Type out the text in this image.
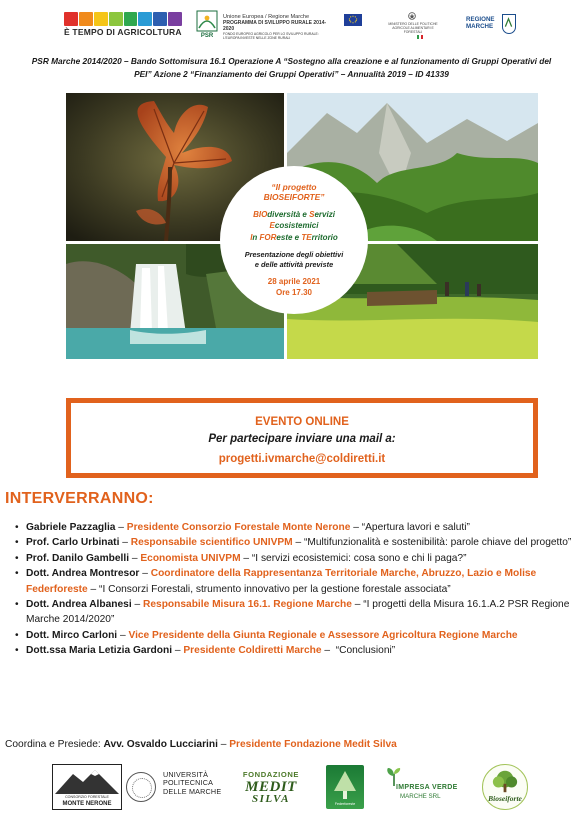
È TEMPO DI AGRICOLTURA	PSR
Unione Europea / Regione Marche
PROGRAMMA DI SVILUPPO RURALE 2014-2020
FONDO EUROPEO AGRICOLO PER LO SVILUPPO RURALE: L'EUROPA INVESTE NELLE ZONE RURALI
MINISTERO DELLE POLITICHE AGRICOLE ALIMENTARI E FORESTALI
REGIONE MARCHE
PSR Marche 2014/2020 – Bando Sottomisura 16.1 Operazione A “Sostegno alla creazione e al funzionamento di Gruppi Operativi del PEI” Azione 2 “Finanziamento dei Gruppi Operativi” – Annualità 2019 – ID 41339
“Il progetto
BIOSEIFORTE”
BIOdiversità e Servizi
Ecosistemici
In FOReste e TErritorio
Presentazione degli obiettivi
e delle attività previste
28 aprile 2021
Ore 17.30
EVENTO ONLINE
Per partecipare inviare una mail a:
progetti.ivmarche@coldiretti.it
INTERVERRANNO:
• Gabriele Pazzaglia – Presidente Consorzio Forestale Monte Nerone – “Apertura lavori e saluti”
• Prof. Carlo Urbinati – Responsabile scientifico UNIVPM – “Multifunzionalità e sostenibilità: parole chiave del progetto”
• Prof. Danilo Gambelli – Economista UNIVPM – “I servizi ecosistemici: cosa sono e chi li paga?”
• Dott. Andrea Montresor – Coordinatore della Rappresentanza Territoriale Marche, Abruzzo, Lazio e Molise Federforeste – “I Consorzi Forestali, strumento innovativo per la gestione forestale associata”
• Dott. Andrea Albanesi – Responsabile Misura 16.1. Regione Marche – “I progetti della Misura 16.1.A.2 PSR Regione Marche 2014/2020”
• Dott. Mirco Carloni – Vice Presidente della Giunta Regionale e Assessore Agricoltura Regione Marche
• Dott.ssa Maria Letizia Gardoni – Presidente Coldiretti Marche –  “Conclusioni”
Coordina e Presiede: Avv. Osvaldo Lucciarini – Presidente Fondazione Medit Silva
CONSORZIO FORESTALE
MONTE NERONE
UNIVERSITÀ
POLITECNICA
DELLE MARCHE
FONDAZIONE
MEDIT
SILVA	Federforeste
IMPRESA VERDE
MARCHE SRL	Bioseiforte
